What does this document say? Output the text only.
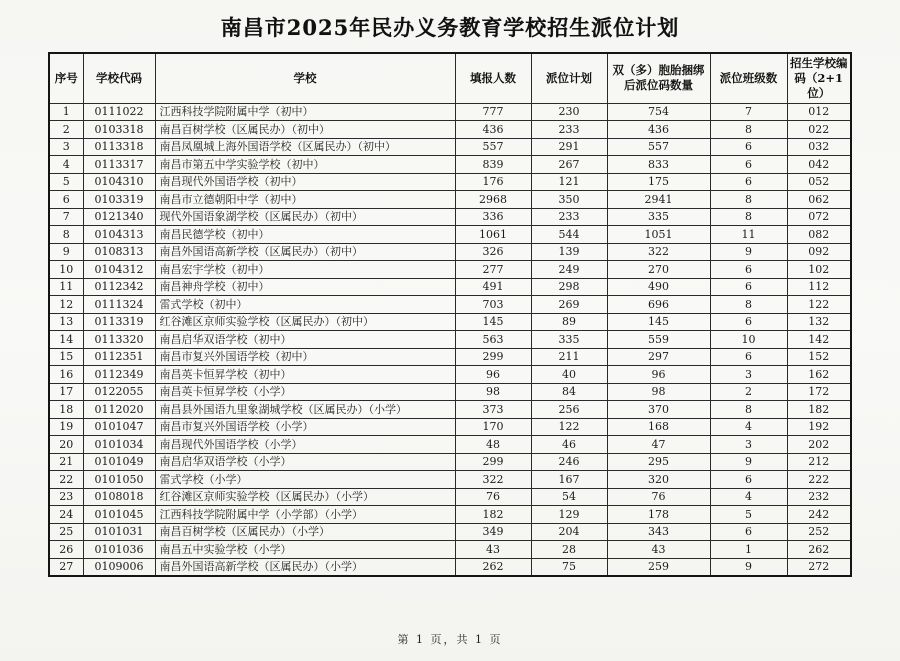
南昌市2025年民办义务教育学校招生派位计划
序号	学校代码	学校	填报人数	派位计划	双（多）胞胎捆绑后派位码数量	派位班级数	招生学校编码（2+1位）
1	0111022	江西科技学院附属中学（初中）	777	230	754	7	012
2	0103318	南昌百树学校（区属民办）（初中）	436	233	436	8	022
3	0113318	南昌凤凰城上海外国语学校（区属民办）（初中）	557	291	557	6	032
4	0113317	南昌市第五中学实验学校（初中）	839	267	833	6	042
5	0104310	南昌现代外国语学校（初中）	176	121	175	6	052
6	0103319	南昌市立德朝阳中学（初中）	2968	350	2941	8	062
7	0121340	现代外国语象湖学校（区属民办）（初中）	336	233	335	8	072
8	0104313	南昌民德学校（初中）	1061	544	1051	11	082
9	0108313	南昌外国语高新学校（区属民办）（初中）	326	139	322	9	092
10	0104312	南昌宏宇学校（初中）	277	249	270	6	102
11	0112342	南昌神舟学校（初中）	491	298	490	6	112
12	0111324	雷式学校（初中）	703	269	696	8	122
13	0113319	红谷滩区京师实验学校（区属民办）（初中）	145	89	145	6	132
14	0113320	南昌启华双语学校（初中）	563	335	559	10	142
15	0112351	南昌市复兴外国语学校（初中）	299	211	297	6	152
16	0112349	南昌英卡恒昇学校（初中）	96	40	96	3	162
17	0122055	南昌英卡恒昇学校（小学）	98	84	98	2	172
18	0112020	南昌县外国语九里象湖城学校（区属民办）（小学）	373	256	370	8	182
19	0101047	南昌市复兴外国语学校（小学）	170	122	168	4	192
20	0101034	南昌现代外国语学校（小学）	48	46	47	3	202
21	0101049	南昌启华双语学校（小学）	299	246	295	9	212
22	0101050	雷式学校（小学）	322	167	320	6	222
23	0108018	红谷滩区京师实验学校（区属民办）（小学）	76	54	76	4	232
24	0101045	江西科技学院附属中学（小学部）（小学）	182	129	178	5	242
25	0101031	南昌百树学校（区属民办）（小学）	349	204	343	6	252
26	0101036	南昌五中实验学校（小学）	43	28	43	1	262
27	0109006	南昌外国语高新学校（区属民办）（小学）	262	75	259	9	272
第 1 页，共 1 页
